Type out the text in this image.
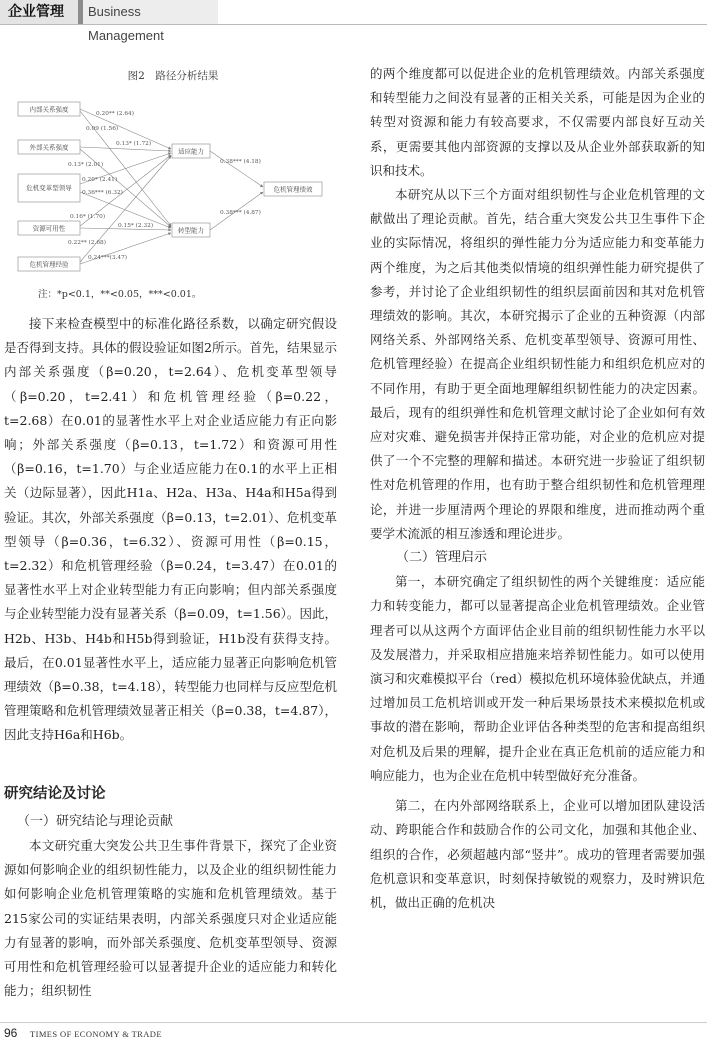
企业管理	Business Management
图2　路径分析结果
内部关系强度
外部关系强度
危机变革型领导
资源可用性
危机管理经验
适应能力
转型能力
危机管理绩效
0.20** (2.64)
0.09 (1.56)
0.13* (1.72)
0.13* (2.01)
0.20* (2.41)
0.36*** (6.32)
0.16* (1.70)
0.15* (2.32)
0.22** (2.68)
0.24***(3.47)
0.38*** (4.18)
0.38*** (4.87)
注：*p<0.1，**<0.05，***<0.01。

接下来检查模型中的标准化路径系数，以确定研究假设是否得到支持。具体的假设验证如图2所示。首先，结果显示内部关系强度（β=0.20，t=2.64）、危机变革型领导（β=0.20，t=2.41）和危机管理经验（β=0.22，t=2.68）在0.01的显著性水平上对企业适应能力有正向影响；外部关系强度（β=0.13，t=1.72）和资源可用性（β=0.16，t=1.70）与企业适应能力在0.1的水平上正相关（边际显著），因此H1a、H2a、H3a、H4a和H5a得到验证。其次，外部关系强度（β=0.13，t=2.01）、危机变革型领导（β=0.36，t=6.32）、资源可用性（β=0.15，t=2.32）和危机管理经验（β=0.24，t=3.47）在0.01的显著性水平上对企业转型能力有正向影响；但内部关系强度与企业转型能力没有显著关系（β=0.09，t=1.56）。因此，H2b、H3b、H4b和H5b得到验证，H1b没有获得支持。最后，在0.01显著性水平上，适应能力显著正向影响危机管理绩效（β=0.38，t=4.18），转型能力也同样与反应型危机管理策略和危机管理绩效显著正相关（β=0.38，t=4.87），因此支持H6a和H6b。

研究结论及讨论
（一）研究结论与理论贡献

本文研究重大突发公共卫生事件背景下，探究了企业资源如何影响企业的组织韧性能力，以及企业的组织韧性能力如何影响企业危机管理策略的实施和危机管理绩效。基于215家公司的实证结果表明，内部关系强度只对企业适应能力有显著的影响，而外部关系强度、危机变革型领导、资源可用性和危机管理经验可以显著提升企业的适应能力和转化能力；组织韧性

的两个维度都可以促进企业的危机管理绩效。内部关系强度和转型能力之间没有显著的正相关关系，可能是因为企业的转型对资源和能力有较高要求，不仅需要内部良好互动关系，更需要其他内部资源的支撑以及从企业外部获取新的知识和技术。

本研究从以下三个方面对组织韧性与企业危机管理的文献做出了理论贡献。首先，结合重大突发公共卫生事件下企业的实际情况，将组织的弹性能力分为适应能力和变革能力两个维度，为之后其他类似情境的组织弹性能力研究提供了参考，并讨论了企业组织韧性的组织层面前因和其对危机管理绩效的影响。其次，本研究揭示了企业的五种资源（内部网络关系、外部网络关系、危机变革型领导、资源可用性、危机管理经验）在提高企业组织韧性能力和组织危机应对的不同作用，有助于更全面地理解组织韧性能力的决定因素。最后，现有的组织弹性和危机管理文献讨论了企业如何有效应对灾难、避免损害并保持正常功能，对企业的危机应对提供了一个不完整的理解和描述。本研究进一步验证了组织韧性对危机管理的作用，也有助于整合组织韧性和危机管理理论，并进一步厘清两个理论的界限和维度，进而推动两个重要学术流派的相互渗透和理论进步。

（二）管理启示

第一，本研究确定了组织韧性的两个关键维度：适应能力和转变能力，都可以显著提高企业危机管理绩效。企业管理者可以从这两个方面评估企业目前的组织韧性能力水平以及发展潜力，并采取相应措施来培养韧性能力。如可以使用演习和灾难模拟平台（red）模拟危机环境体验优缺点，并通过增加员工危机培训或开发一种后果场景技术来模拟危机或事故的潜在影响，帮助企业评估各种类型的危害和提高组织对危机及后果的理解，提升企业在真正危机前的适应能力和响应能力，也为企业在危机中转型做好充分准备。

第二，在内外部网络联系上，企业可以增加团队建设活动、跨职能合作和鼓励合作的公司文化，加强和其他企业、组织的合作，必须超越内部“竖井”。成功的管理者需要加强危机意识和变革意识，时刻保持敏锐的观察力，及时辨识危机，做出正确的危机决

96 TIMES OF ECONOMY & TRADE
